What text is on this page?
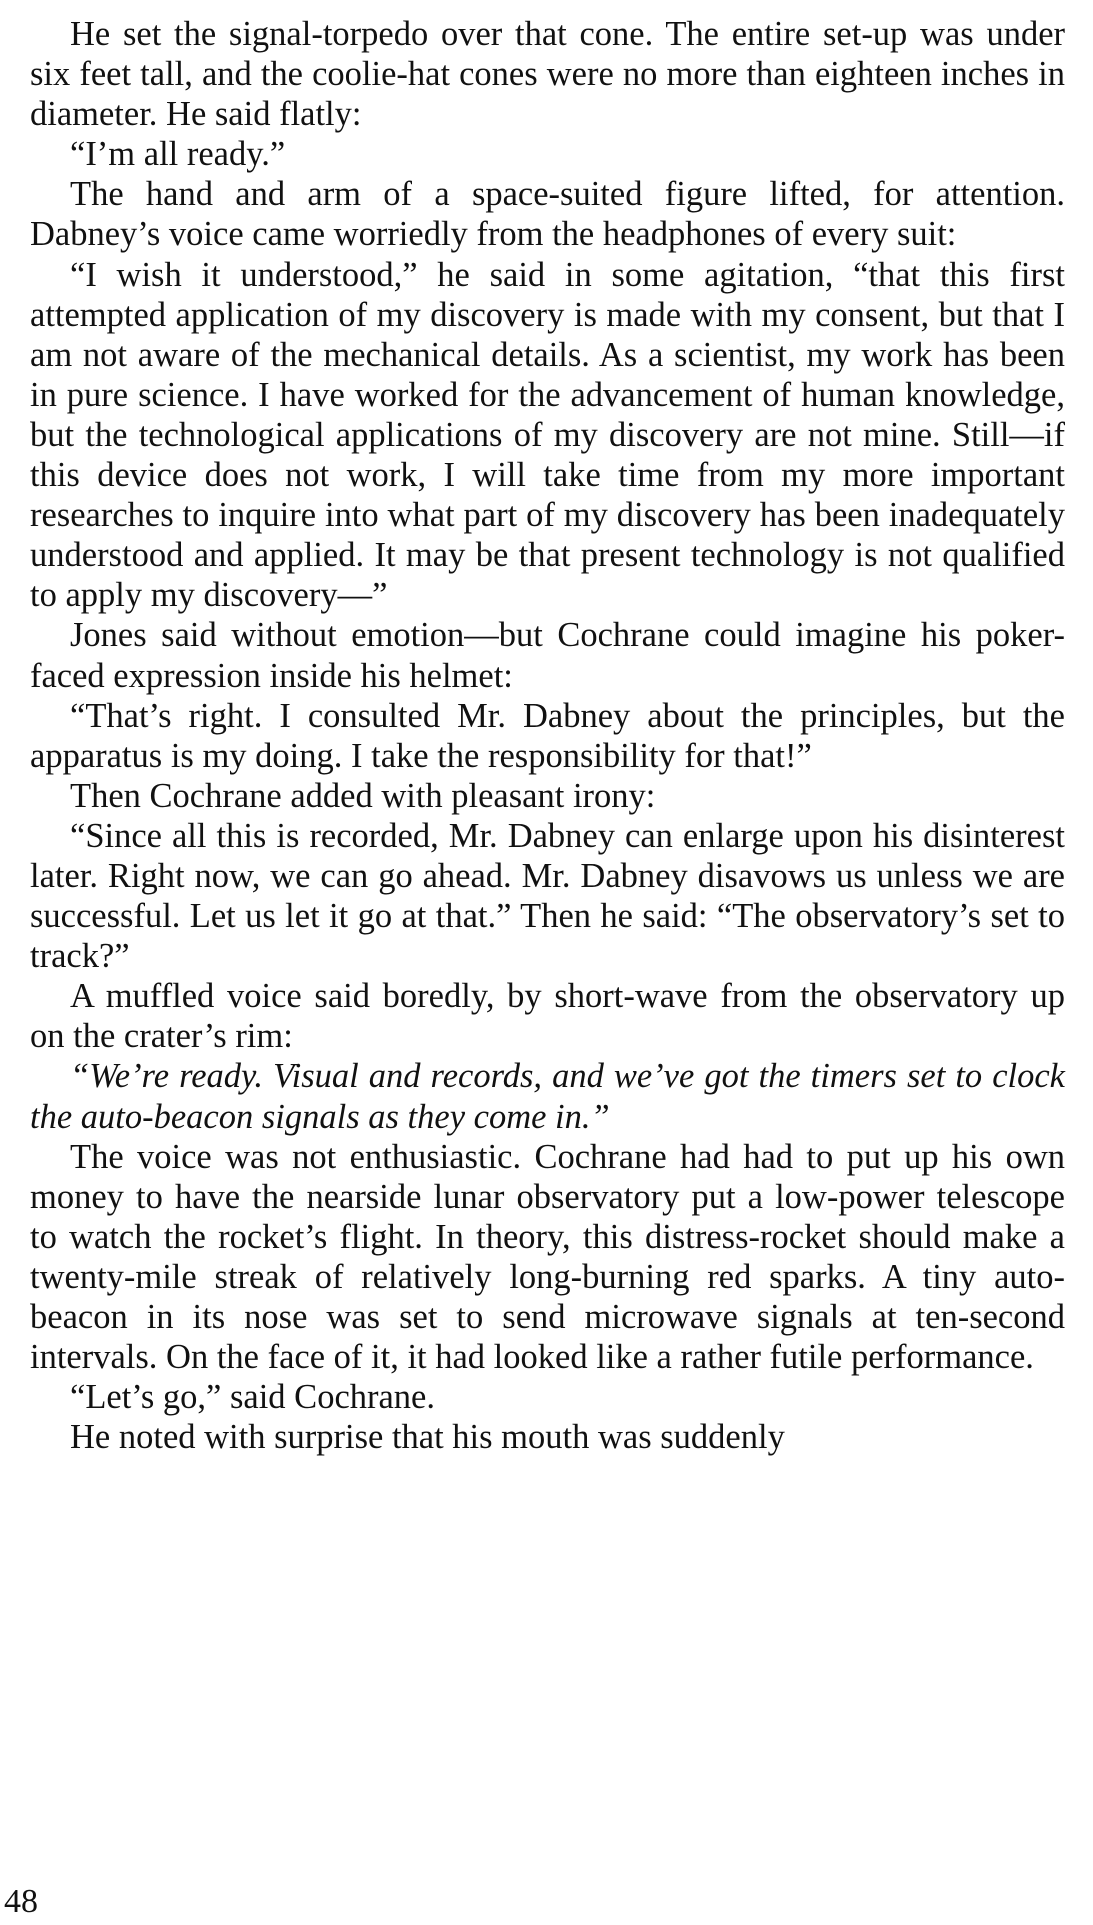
He set the signal-torpedo over that cone. The entire set-up was under six feet tall, and the coolie-hat cones were no more than eighteen inches in diameter. He said flatly:

“I’m all ready.”

The hand and arm of a space-suited figure lifted, for attention. Dabney’s voice came worriedly from the headphones of every suit:

“I wish it understood,” he said in some agitation, “that this first attempted application of my discovery is made with my consent, but that I am not aware of the mechanical details. As a scientist, my work has been in pure science. I have worked for the advancement of human knowledge, but the technological applications of my discovery are not mine. Still—if this device does not work, I will take time from my more important researches to inquire into what part of my discovery has been inadequately understood and applied. It may be that present technology is not qualified to apply my discovery—”

Jones said without emotion—but Cochrane could imagine his poker-faced expression inside his helmet:

“That’s right. I consulted Mr. Dabney about the principles, but the apparatus is my doing. I take the responsibility for that!”

Then Cochrane added with pleasant irony:

“Since all this is recorded, Mr. Dabney can enlarge upon his disinterest later. Right now, we can go ahead. Mr. Dabney disavows us unless we are successful. Let us let it go at that.” Then he said: “The observatory’s set to track?”

A muffled voice said boredly, by short-wave from the observatory up on the crater’s rim:

“We’re ready. Visual and records, and we’ve got the timers set to clock the auto-beacon signals as they come in.”

The voice was not enthusiastic. Cochrane had had to put up his own money to have the nearside lunar observatory put a low-power telescope to watch the rocket’s flight. In theory, this distress-rocket should make a twenty-mile streak of relatively long-burning red sparks. A tiny auto-beacon in its nose was set to send microwave signals at ten-second intervals. On the face of it, it had looked like a rather futile performance.

“Let’s go,” said Cochrane.

He noted with surprise that his mouth was suddenly

48
